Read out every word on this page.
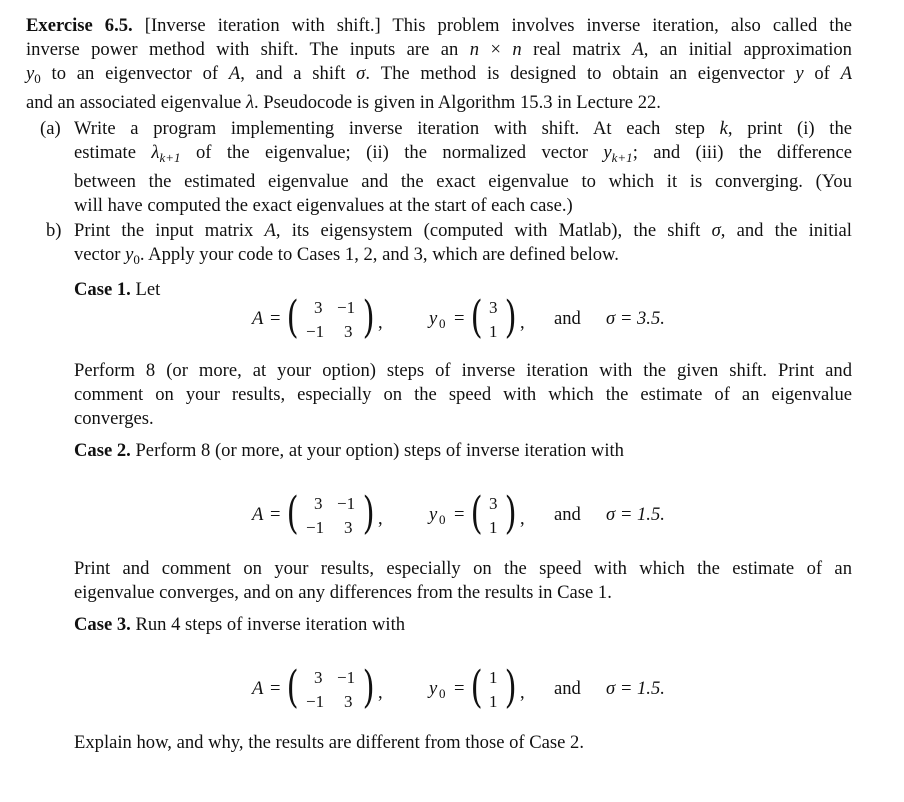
Exercise 6.5. [Inverse iteration with shift.] This problem involves inverse iteration, also called the

inverse power method with shift. The inputs are an n × n real matrix A, an initial approximation

$y_0$ to an eigenvector of A, and a shift σ. The method is designed to obtain an eigenvector y of A

and an associated eigenvalue λ. Pseudocode is given in Algorithm 15.3 in Lecture 22.

(a) Write a program implementing inverse iteration with shift. At each step k, print (i) the

estimate $\lambda_{k+1}$ of the eigenvalue; (ii) the normalized vector $y_{k+1}$; and (iii) the difference

between the estimated eigenvalue and the exact eigenvalue to which it is converging. (You

will have computed the exact eigenvalues at the start of each case.)

b) Print the input matrix A, its eigensystem (computed with Matlab), the shift σ, and the initial

vector $y_0$. Apply your code to Cases 1, 2, and 3, which are defined below.

Case 1. Let

A = ( 3 −1
−1 3 ) , y 0 = ( 3
1 ) , and σ = 3.5.

Perform 8 (or more, at your option) steps of inverse iteration with the given shift. Print and

comment on your results, especially on the speed with which the estimate of an eigenvalue

converges.

Case 2. Perform 8 (or more, at your option) steps of inverse iteration with

A = ( 3 −1
−1 3 ) , y 0 = ( 3
1 ) , and σ = 1.5.

Print and comment on your results, especially on the speed with which the estimate of an

eigenvalue converges, and on any differences from the results in Case 1.

Case 3. Run 4 steps of inverse iteration with

A = ( 3 −1
−1 3 ) , y 0 = ( 1
1 ) , and σ = 1.5.

Explain how, and why, the results are different from those of Case 2.
